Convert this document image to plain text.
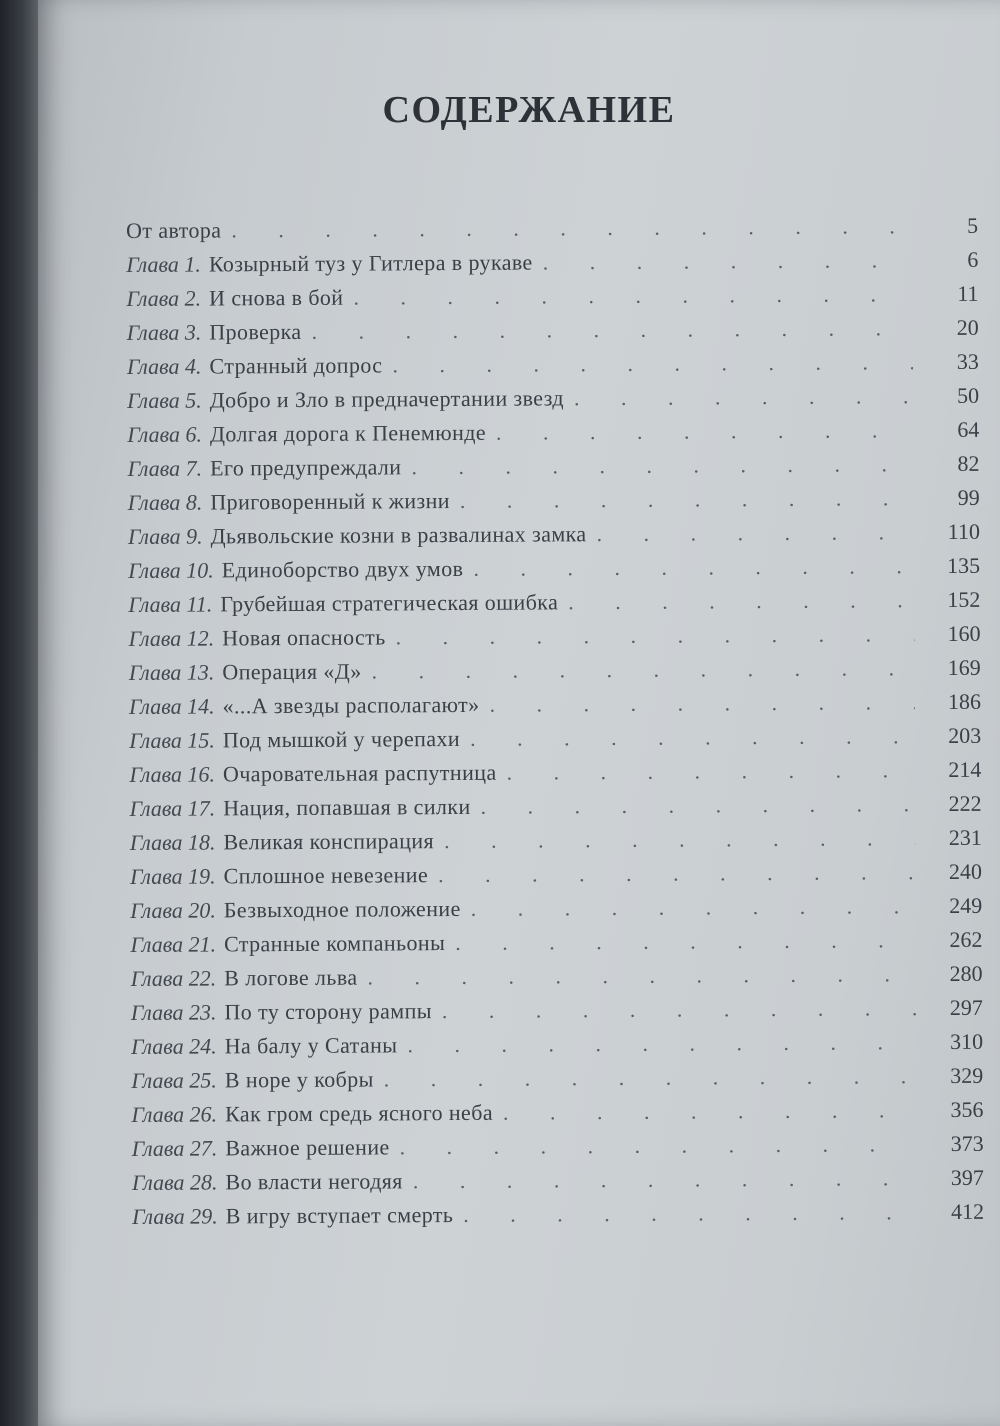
СОДЕРЖАНИЕ
От автора . . .	5
Глава 1. Козырный туз у Гитлера в рукаве . . .	6
Глава 2. И снова в бой . . .	11
Глава 3. Проверка . . .	20
Глава 4. Странный допрос . . .	33
Глава 5. Добро и Зло в предначертании звезд . . .	50
Глава 6. Долгая дорога к Пенемюнде . . .	64
Глава 7. Его предупреждали . . .	82
Глава 8. Приговоренный к жизни . . .	99
Глава 9. Дьявольские козни в развалинах замка . . .	110
Глава 10. Единоборство двух умов . . .	135
Глава 11. Грубейшая стратегическая ошибка . . .	152
Глава 12. Новая опасность . . .	160
Глава 13. Операция «Д» . . .	169
Глава 14. «...А звезды располагают» . . .	186
Глава 15. Под мышкой у черепахи . . .	203
Глава 16. Очаровательная распутница . . .	214
Глава 17. Нация, попавшая в силки . . .	222
Глава 18. Великая конспирация . . .	231
Глава 19. Сплошное невезение . . .	240
Глава 20. Безвыходное положение . . .	249
Глава 21. Странные компаньоны . . .	262
Глава 22. В логове льва . . .	280
Глава 23. По ту сторону рампы . . .	297
Глава 24. На балу у Сатаны . . .	310
Глава 25. В норе у кобры . . .	329
Глава 26. Как гром средь ясного неба . . .	356
Глава 27. Важное решение . . .	373
Глава 28. Во власти негодяя . . .	397
Глава 29. В игру вступает смерть . . .	412
